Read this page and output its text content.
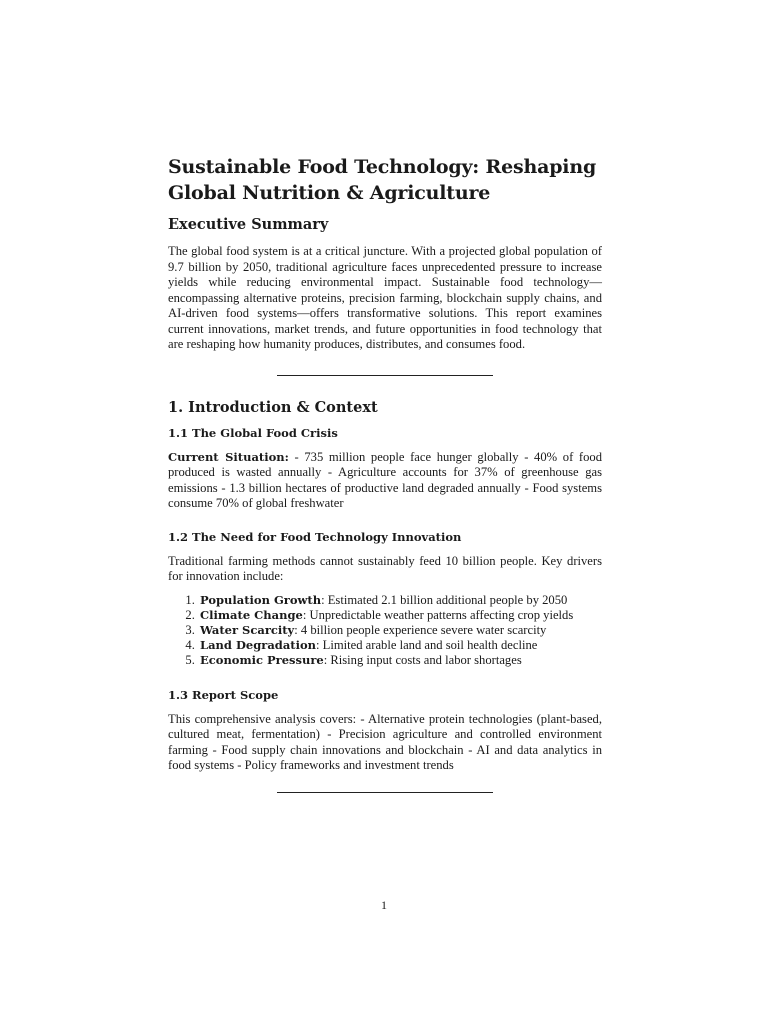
Sustainable Food Technology: Reshaping Global Nutrition & Agriculture
Executive Summary

The global food system is at a critical juncture. With a projected global population of 9.7 billion by 2050, traditional agriculture faces unprecedented pressure to increase yields while reducing environmental impact. Sustainable food technology—encompassing alternative proteins, precision farming, blockchain supply chains, and AI-driven food systems—offers transformative solutions. This report examines current innovations, market trends, and future opportunities in food technology that are reshaping how humanity produces, distributes, and consumes food.

1. Introduction & Context
1.1 The Global Food Crisis

Current Situation: - 735 million people face hunger globally - 40% of food produced is wasted annually - Agriculture accounts for 37% of greenhouse gas emissions - 1.3 billion hectares of productive land degraded annually - Food systems consume 70% of global freshwater

1.2 The Need for Food Technology Innovation

Traditional farming methods cannot sustainably feed 10 billion people. Key drivers for innovation include:

1. Population Growth: Estimated 2.1 billion additional people by 2050
2. Climate Change: Unpredictable weather patterns affecting crop yields
3. Water Scarcity: 4 billion people experience severe water scarcity
4. Land Degradation: Limited arable land and soil health decline
5. Economic Pressure: Rising input costs and labor shortages
1.3 Report Scope

This comprehensive analysis covers: - Alternative protein technologies (plant-based, cultured meat, fermentation) - Precision agriculture and controlled environment farming - Food supply chain innovations and blockchain - AI and data analytics in food systems - Policy frameworks and investment trends

1
